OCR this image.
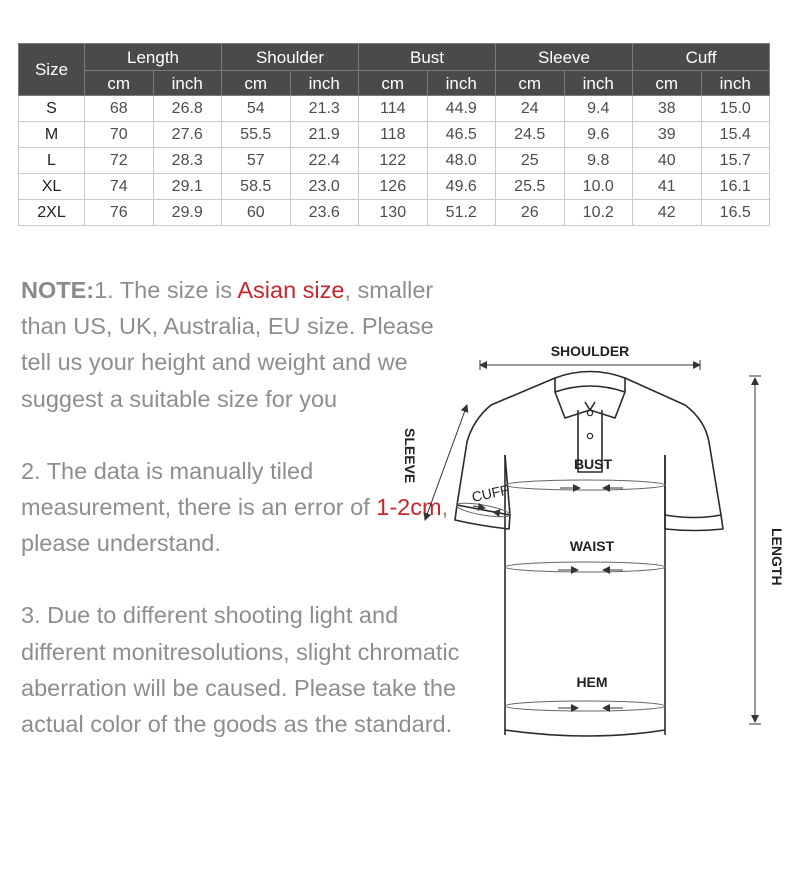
Size	Length		Shoulder		Bust		Sleeve		Cuff	
	cm	inch	cm	inch	cm	inch	cm	inch	cm	inch
S	68	26.8	54	21.3	114	44.9	24	9.4	38	15.0
M	70	27.6	55.5	21.9	118	46.5	24.5	9.6	39	15.4
L	72	28.3	57	22.4	122	48.0	25	9.8	40	15.7
XL	74	29.1	58.5	23.0	126	49.6	25.5	10.0	41	16.1
2XL	76	29.9	60	23.6	130	51.2	26	10.2	42	16.5

NOTE:1. The size is Asian size, smaller than US, UK, Australia, EU size. Please tell us your height and weight and we suggest a suitable size for you

2. The data is manually tiled measurement, there is an error of 1-2cm, please understand.

3. Due to different shooting light and different monitresolutions, slight chromatic aberration will be caused. Please take the actual color of the goods as the standard.

SHOULDER
SLEEVE
CUFF
BUST
WAIST
HEM
LENGTH
